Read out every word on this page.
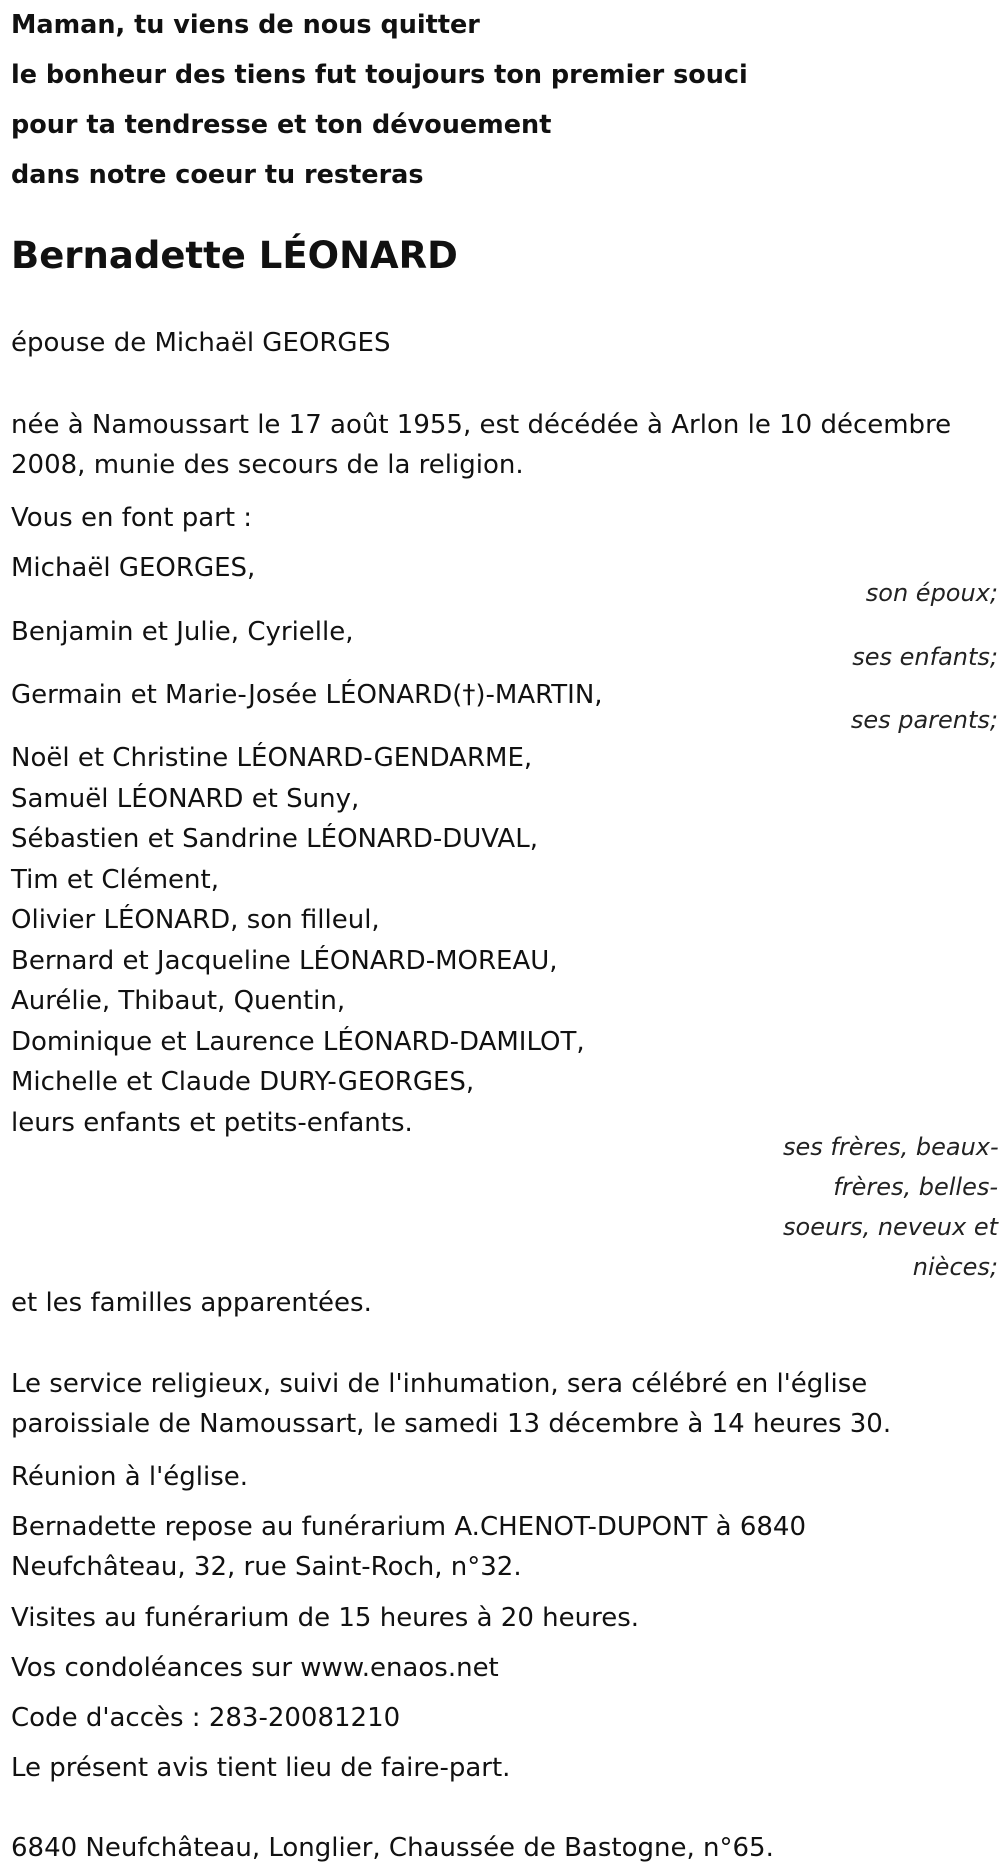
Maman, tu viens de nous quitter
le bonheur des tiens fut toujours ton premier souci
pour ta tendresse et ton dévouement
dans notre coeur tu resteras
Bernadette LÉONARD
épouse de Michaël GEORGES
née à Namoussart le 17 août 1955, est décédée à Arlon le 10 décembre 2008, munie des secours de la religion.
Vous en font part :
Michaël GEORGES,
son époux;
Benjamin et Julie, Cyrielle,
ses enfants;
Germain et Marie-Josée LÉONARD(†)-MARTIN,
ses parents;
Noël et Christine LÉONARD-GENDARME,
Samuël LÉONARD et Suny,
Sébastien et Sandrine LÉONARD-DUVAL,
Tim et Clément,
Olivier LÉONARD, son filleul,
Bernard et Jacqueline LÉONARD-MOREAU,
Aurélie, Thibaut, Quentin,
Dominique et Laurence LÉONARD-DAMILOT,
Michelle et Claude DURY-GEORGES,
leurs enfants et petits-enfants.
ses frères, beaux-
frères, belles-
soeurs, neveux et
nièces;
et les familles apparentées.
Le service religieux, suivi de l'inhumation, sera célébré en l'église paroissiale de Namoussart, le samedi 13 décembre à 14 heures 30.
Réunion à l'église.
Bernadette repose au funérarium A.CHENOT-DUPONT à 6840 Neufchâteau, 32, rue Saint-Roch, n°32.
Visites au funérarium de 15 heures à 20 heures.
Vos condoléances sur www.enaos.net
Code d'accès : 283-20081210
Le présent avis tient lieu de faire-part.
6840 Neufchâteau, Longlier, Chaussée de Bastogne, n°65.
